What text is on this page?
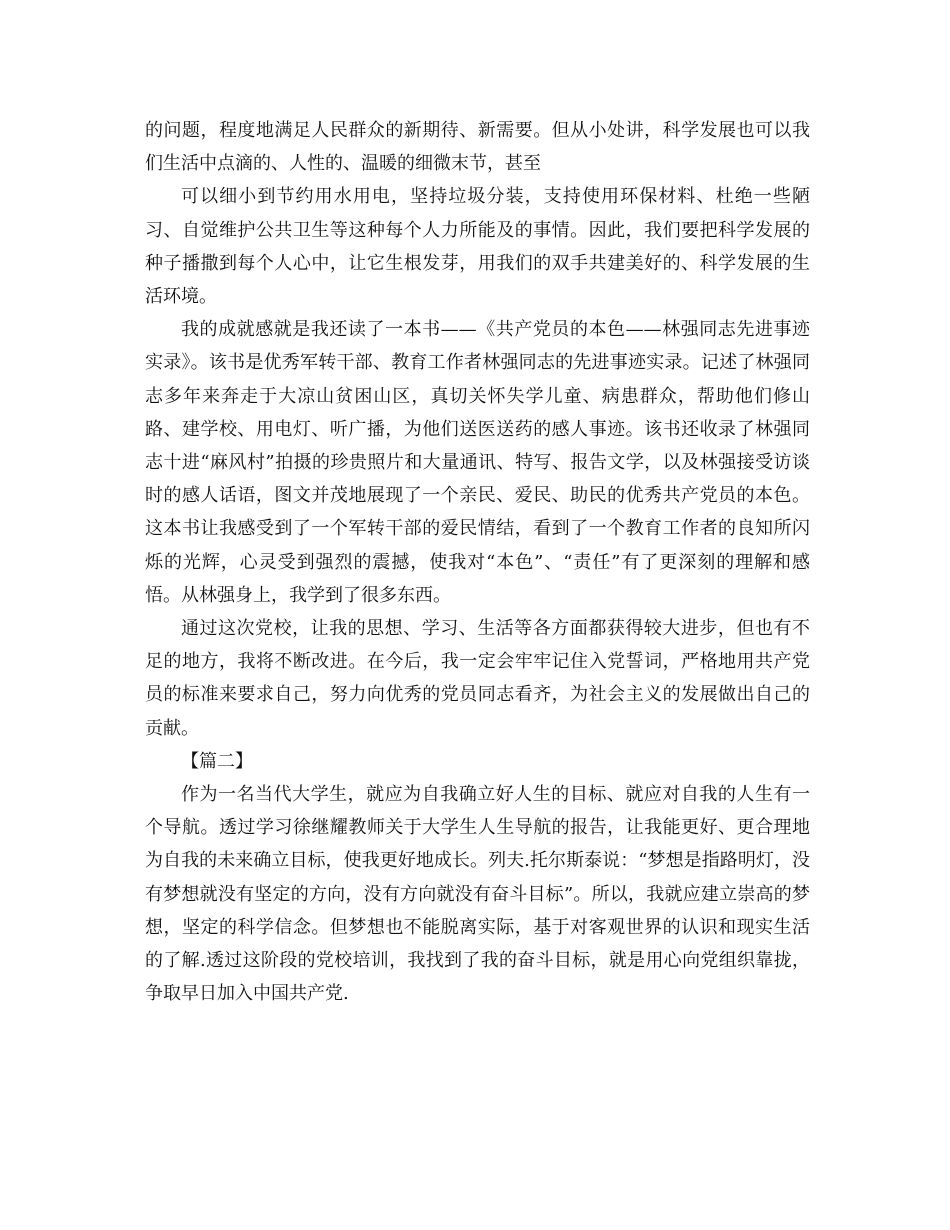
的问题，程度地满足人民群众的新期待、新需要。但从小处讲，科学发展也可以我们生活中点滴的、人性的、温暖的细微末节，甚至

可以细小到节约用水用电，坚持垃圾分装，支持使用环保材料、杜绝一些陋习、自觉维护公共卫生等这种每个人力所能及的事情。因此，我们要把科学发展的种子播撒到每个人心中，让它生根发芽，用我们的双手共建美好的、科学发展的生活环境。

我的成就感就是我还读了一本书——《共产党员的本色——林强同志先进事迹实录》。该书是优秀军转干部、教育工作者林强同志的先进事迹实录。记述了林强同志多年来奔走于大凉山贫困山区，真切关怀失学儿童、病患群众，帮助他们修山路、建学校、用电灯、听广播，为他们送医送药的感人事迹。该书还收录了林强同志十进“麻风村”拍摄的珍贵照片和大量通讯、特写、报告文学，以及林强接受访谈时的感人话语，图文并茂地展现了一个亲民、爱民、助民的优秀共产党员的本色。这本书让我感受到了一个军转干部的爱民情结，看到了一个教育工作者的良知所闪烁的光辉，心灵受到强烈的震撼，使我对“本色”、“责任”有了更深刻的理解和感悟。从林强身上，我学到了很多东西。

通过这次党校，让我的思想、学习、生活等各方面都获得较大进步，但也有不足的地方，我将不断改进。在今后，我一定会牢牢记住入党誓词，严格地用共产党员的标准来要求自己，努力向优秀的党员同志看齐，为社会主义的发展做出自己的贡献。

【篇二】

作为一名当代大学生，就应为自我确立好人生的目标、就应对自我的人生有一个导航。透过学习徐继耀教师关于大学生人生导航的报告，让我能更好、更合理地为自我的未来确立目标，使我更好地成长。列夫.托尔斯泰说：“梦想是指路明灯，没有梦想就没有坚定的方向，没有方向就没有奋斗目标”。所以，我就应建立崇高的梦想，坚定的科学信念。但梦想也不能脱离实际，基于对客观世界的认识和现实生活的了解.透过这阶段的党校培训，我找到了我的奋斗目标，就是用心向党组织靠拢，争取早日加入中国共产党.
